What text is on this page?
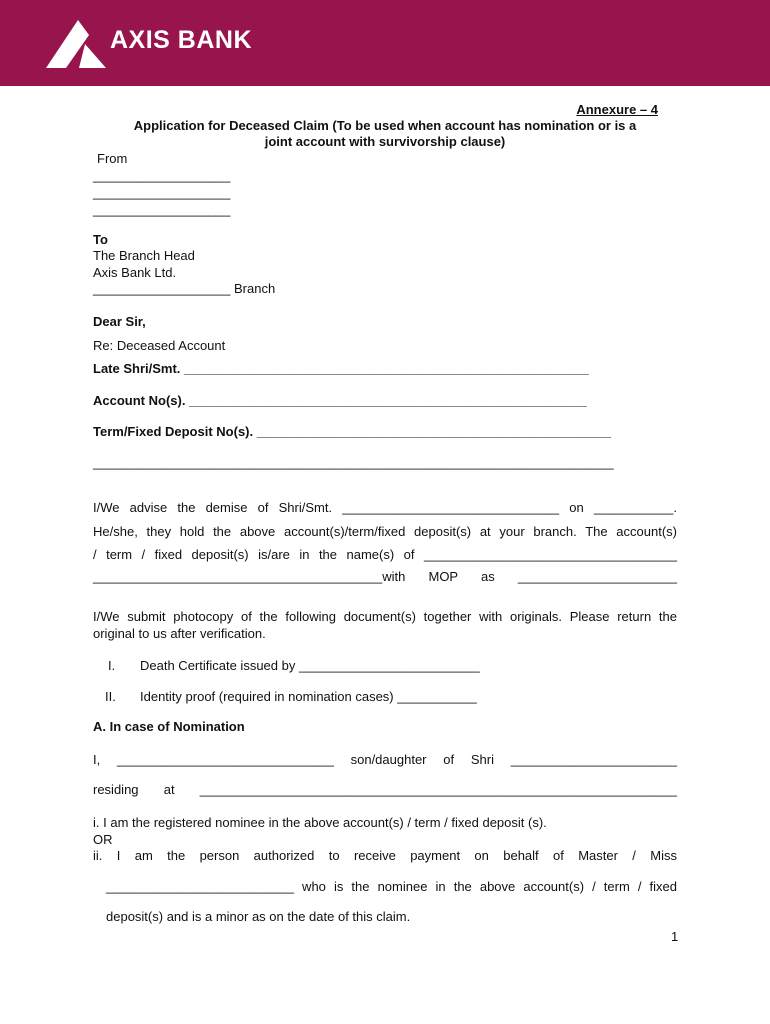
AXIS BANK
Annexure – 4
Application for Deceased Claim (To be used when account has nomination or is a
joint account with survivorship clause)
From
___________________
___________________
___________________
To
The Branch Head
Axis Bank Ltd.
___________________ Branch
Dear Sir,
Re: Deceased Account
Late Shri/Smt. ________________________________________________________
Account No(s). _______________________________________________________
Term/Fixed Deposit No(s). _________________________________________________
________________________________________________________________________
I/We advise the demise of Shri/Smt. ______________________________ on ___________.
He/she, they hold the above account(s)/term/fixed deposit(s) at your branch. The account(s)
/ term / fixed deposit(s) is/are in the name(s) of ___________________________________
________________________________________with MOP as ______________________
I/We submit photocopy of the following document(s) together with originals. Please return the
original to us after verification.
I. Death Certificate issued by _________________________
II. Identity proof (required in nomination cases) ___________
A. In case of Nomination
I, ______________________________ son/daughter of Shri _______________________
residing at __________________________________________________________________
i. I am the registered nominee in the above account(s) / term / fixed deposit (s).
OR
ii. I am the person authorized to receive payment on behalf of Master / Miss
__________________________ who is the nominee in the above account(s) / term / fixed
deposit(s) and is a minor as on the date of this claim.
1
